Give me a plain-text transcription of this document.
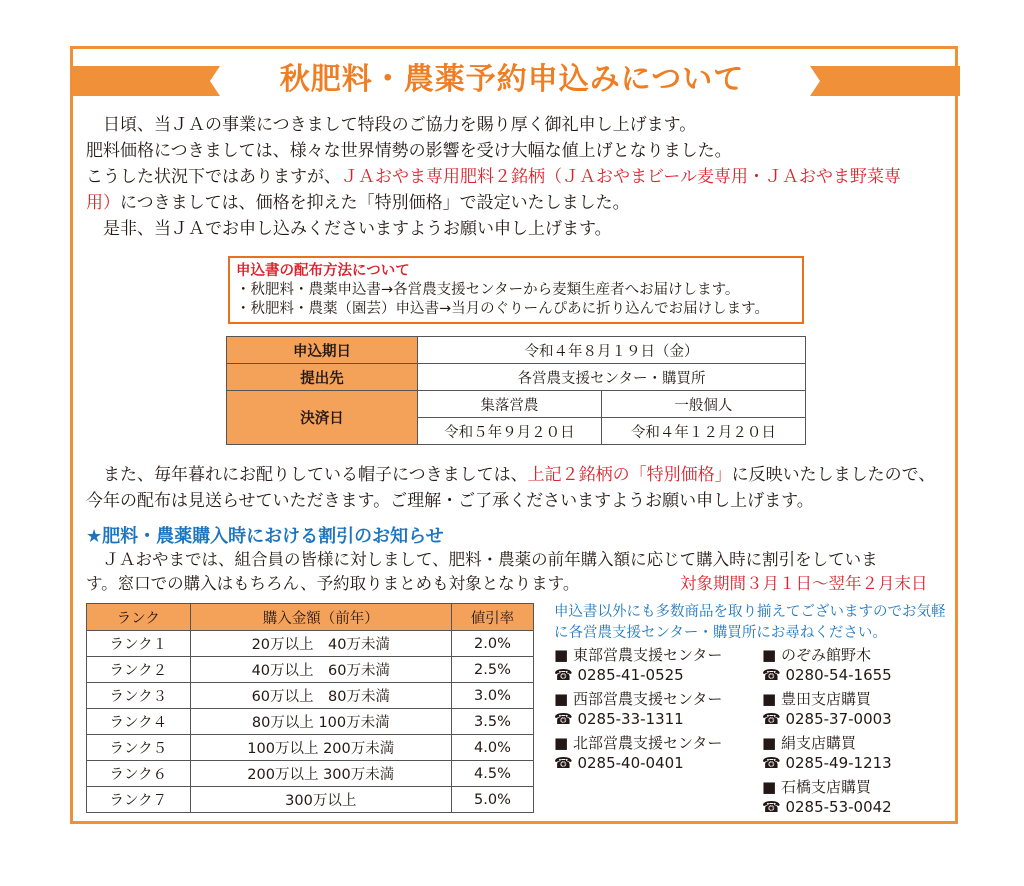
秋肥料・農薬予約申込みについて

　日頃、当ＪＡの事業につきまして特段のご協力を賜り厚く御礼申し上げます。
肥料価格につきましては、様々な世界情勢の影響を受け大幅な値上げとなりました。
こうした状況下ではありますが、ＪＡおやま専用肥料２銘柄（ＪＡおやまビール麦専用・ＪＡおやま野菜専
用）につきましては、価格を抑えた「特別価格」で設定いたしました。
　是非、当ＪＡでお申し込みくださいますようお願い申し上げます。

申込書の配布方法について
・秋肥料・農薬申込書→各営農支援センターから麦類生産者へお届けします。
・秋肥料・農薬（園芸）申込書→当月のぐりーんぴあに折り込んでお届けします。
申込期日	令和４年８月１９日（金）	
提出先	各営農支援センター・購買所	
決済日	集落営農	一般個人
	令和５年９月２０日	令和４年１２月２０日

　また、毎年暮れにお配りしている帽子につきましては、上記２銘柄の「特別価格」に反映いたしましたので、
今年の配布は見送らせていただきます。ご理解・ご了承くださいますようお願い申し上げます。

★肥料・農薬購入時における割引のお知らせ

　ＪＡおやまでは、組合員の皆様に対しまして、肥料・農薬の前年購入額に応じて購入時に割引をしていま
す。窓口での購入はもちろん、予約取りまとめも対象となります。	対象期間３月１日～翌年２月末日
ランク	購入金額（前年）	値引率
ランク１	20万以上　40万未満	2.0%
ランク２	40万以上　60万未満	2.5%
ランク３	60万以上　80万未満	3.0%
ランク４	80万以上 100万未満	3.5%
ランク５	100万以上 200万未満	4.0%
ランク６	200万以上 300万未満	4.5%
ランク７	300万以上	5.0%
申込書以外にも多数商品を取り揃えてございますのでお気軽
に各営農支援センター・購買所にお尋ねください。
■ 東部営農支援センター
☎ 0285-41-0525
■ 西部営農支援センター
☎ 0285-33-1311
■ 北部営農支援センター
☎ 0285-40-0401
■ のぞみ館野木
☎ 0280-54-1655
■ 豊田支店購買
☎ 0285-37-0003
■ 絹支店購買
☎ 0285-49-1213
■ 石橋支店購買
☎ 0285-53-0042
